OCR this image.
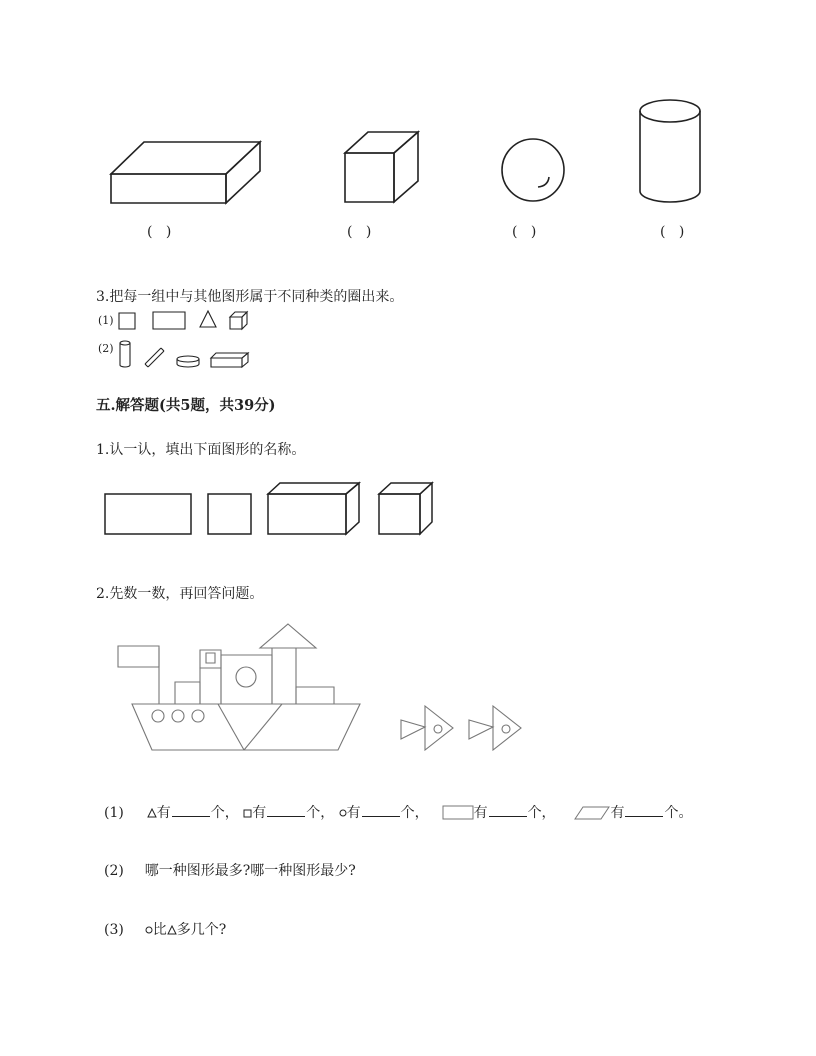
(   )	(   )	(   )	(   )
3.把每一组中与其他图形属于不同种类的圈出来。
(1)
(2)
五.解答题(共5题，共39分)
1.认一认，填出下面图形的名称。
2.先数一数，再回答问题。
(1) 有	个， 有	个， 有	个，	有	个，	有	个。
(2) 哪一种图形最多?哪一种图形最少?
(3) 比 多几个?
